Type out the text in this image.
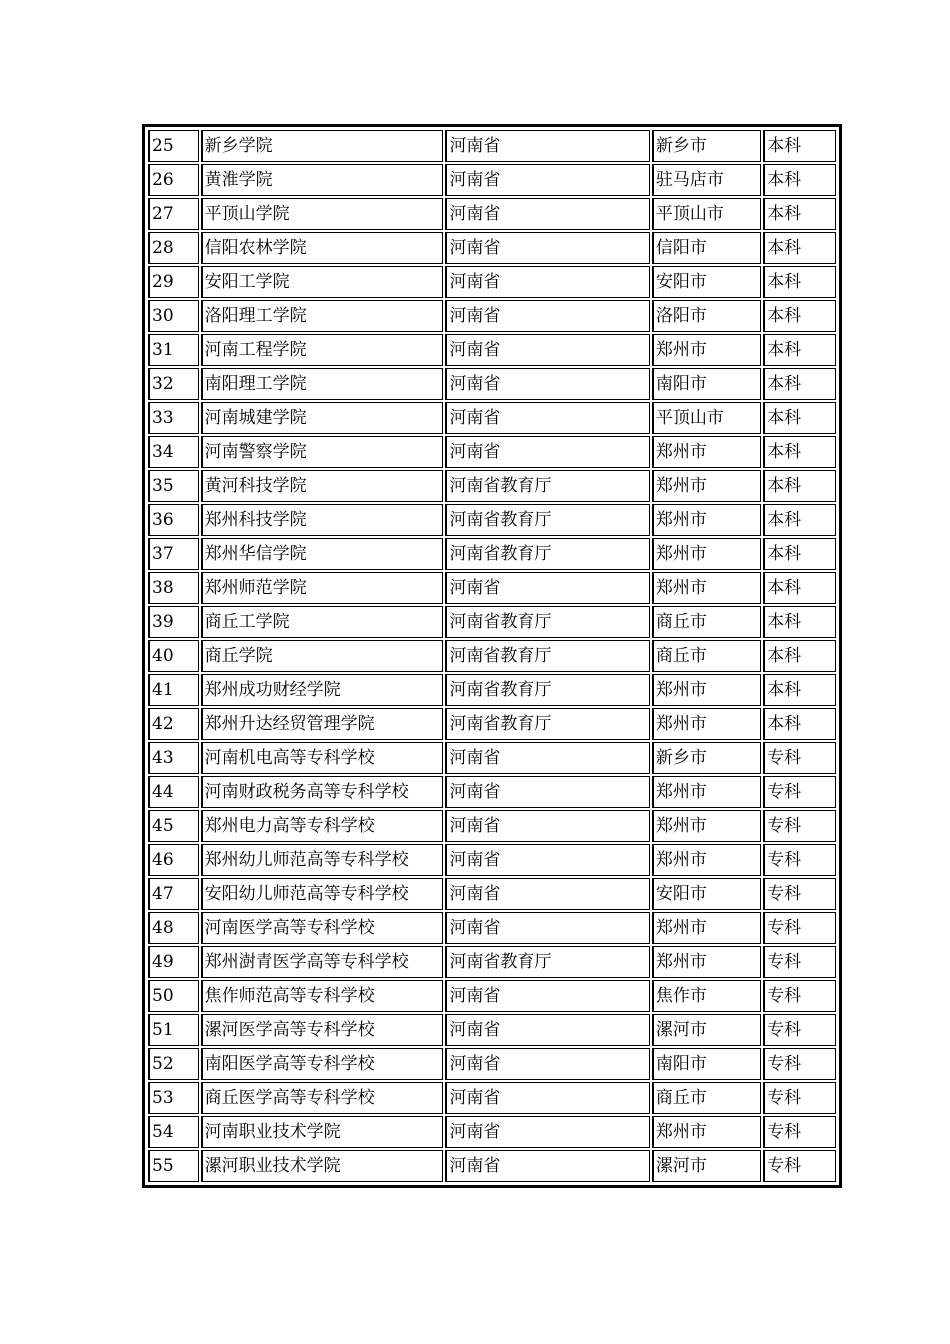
25	新乡学院	河南省	新乡市	本科
26	黄淮学院	河南省	驻马店市	本科
27	平顶山学院	河南省	平顶山市	本科
28	信阳农林学院	河南省	信阳市	本科
29	安阳工学院	河南省	安阳市	本科
30	洛阳理工学院	河南省	洛阳市	本科
31	河南工程学院	河南省	郑州市	本科
32	南阳理工学院	河南省	南阳市	本科
33	河南城建学院	河南省	平顶山市	本科
34	河南警察学院	河南省	郑州市	本科
35	黄河科技学院	河南省教育厅	郑州市	本科
36	郑州科技学院	河南省教育厅	郑州市	本科
37	郑州华信学院	河南省教育厅	郑州市	本科
38	郑州师范学院	河南省	郑州市	本科
39	商丘工学院	河南省教育厅	商丘市	本科
40	商丘学院	河南省教育厅	商丘市	本科
41	郑州成功财经学院	河南省教育厅	郑州市	本科
42	郑州升达经贸管理学院	河南省教育厅	郑州市	本科
43	河南机电高等专科学校	河南省	新乡市	专科
44	河南财政税务高等专科学校	河南省	郑州市	专科
45	郑州电力高等专科学校	河南省	郑州市	专科
46	郑州幼儿师范高等专科学校	河南省	郑州市	专科
47	安阳幼儿师范高等专科学校	河南省	安阳市	专科
48	河南医学高等专科学校	河南省	郑州市	专科
49	郑州澍青医学高等专科学校	河南省教育厅	郑州市	专科
50	焦作师范高等专科学校	河南省	焦作市	专科
51	漯河医学高等专科学校	河南省	漯河市	专科
52	南阳医学高等专科学校	河南省	南阳市	专科
53	商丘医学高等专科学校	河南省	商丘市	专科
54	河南职业技术学院	河南省	郑州市	专科
55	漯河职业技术学院	河南省	漯河市	专科
